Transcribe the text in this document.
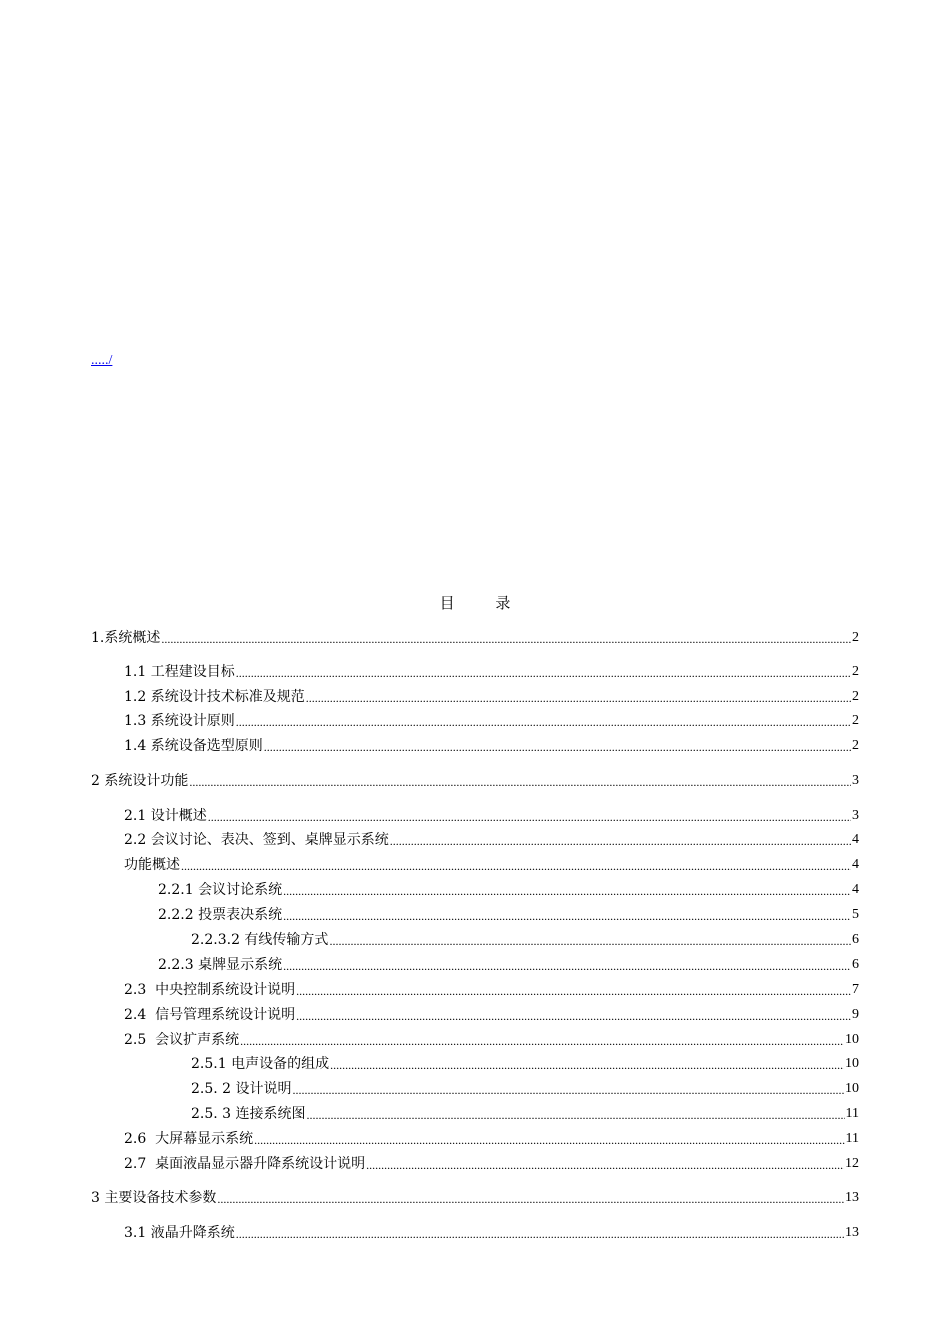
...../
目 录
1.系统概述 .....	2
1.1 工程建设目标 .....	2
1.2 系统设计技术标准及规范 .....	2
1.3 系统设计原则 .....	2
1.4 系统设备选型原则 .....	2
2 系统设计功能 .....	3
2.1 设计概述 .....	3
2.2 会议讨论、表决、签到、桌牌显示系统 .....	4
功能概述 .....	4
2.2.1 会议讨论系统 .....	4
2.2.2 投票表决系统 .....	5
2.2.3.2 有线传输方式 .....	6
2.2.3 桌牌显示系统 .....	6
2.3  中央控制系统设计说明 .....	7
2.4  信号管理系统设计说明 .....	9
2.5  会议扩声系统 .....	10
2.5.1 电声设备的组成 .....	10
2.5. 2 设计说明 .....	10
2.5. 3 连接系统图 .....	11
2.6  大屏幕显示系统 .....	11
2.7  桌面液晶显示器升降系统设计说明 .....	12
3 主要设备技术参数 .....	13
3.1 液晶升降系统 .....	13
